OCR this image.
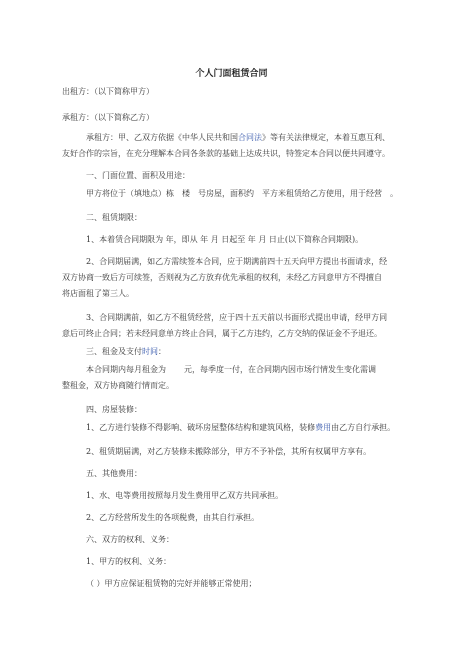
个人门面租赁合同
出租方：（以下简称甲方）
承租方：（以下简称乙方）
承租方：甲、乙双方依据《中华人民共和国合同法》等有关法律规定，本着互惠互利、
友好合作的宗旨，在充分理解本合同各条款的基础上达成共识，特签定本合同以便共同遵守。
一、门面位置、面积及用途：
甲方将位于（填地点）栋 楼 号房屋，面积约 平方米租赁给乙方使用，用于经营 。
二、租赁期限：
1、本着赁合同期限为 年，即从 年 月 日起至 年 月 日止(以下简称合同期限)。
2、合同期届满，如乙方需续签本合同，应于期满前四十五天向甲方提出书面请求，经
双方协商一致后方可续签，否则视为乙方放弃优先承租的权利，未经乙方同意甲方不得擅自
将店面租了第三人。
3、合同期满前，如乙方不租赁经营，应于四十五天前以书面形式提出申请，经甲方同
意后可终止合同；若未经同意单方终止合同，属于乙方违约，乙方交纳的保证金不予退还。
三、租金及支付时间：
本合同期内每月租金为 元，每季度一付，在合同期内因市场行情发生变化需调
整租金，双方协商随行情而定。
四、房屋装修：
1、乙方进行装修不得影响、破坏房屋整体结构和建筑风格，装修费用由乙方自行承担。
2、租赁期届满，对乙方装修未搬除部分，甲方不予补偿，其所有权属甲方享有。
五、其他费用：
1、水、电等费用按照每月发生费用甲乙双方共同承担。
2、乙方经营所发生的各项税费，由其自行承担。
六、双方的权利、义务：
1、甲方的权利、义务：
（ ）甲方应保证租赁物的完好并能够正常使用；
